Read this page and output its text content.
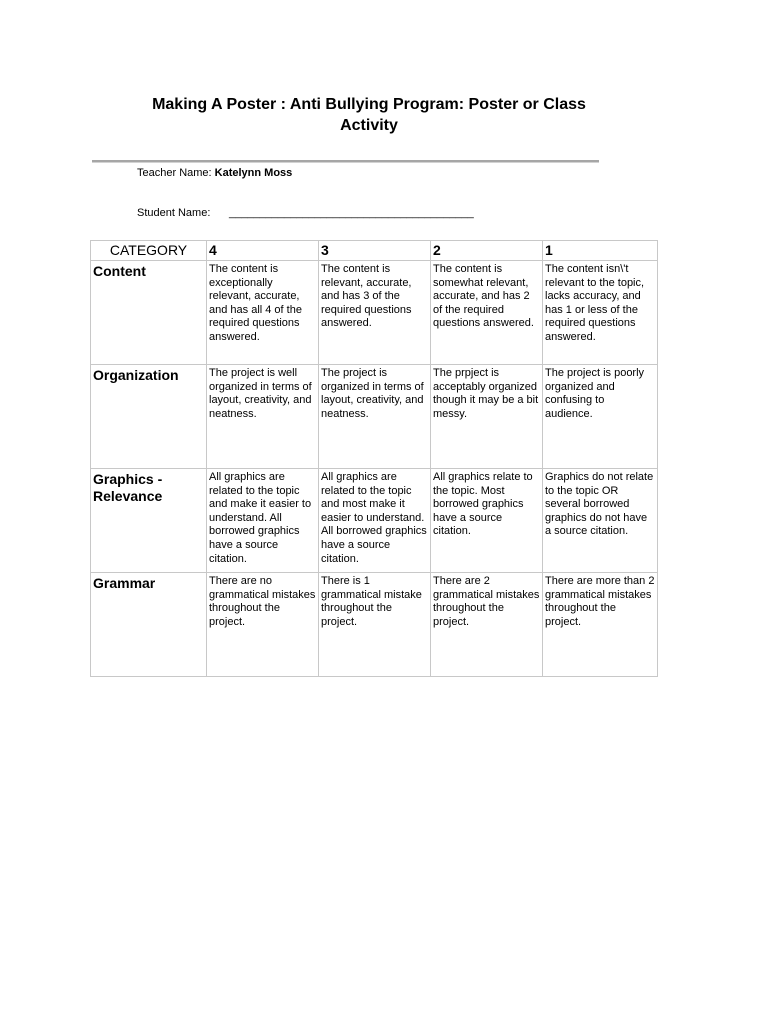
Making A Poster : Anti Bullying Program: Poster or Class Activity
Teacher Name: Katelynn Moss
Student Name: ________________________________________
CATEGORY	4	3	2	1
Content	The content is exceptionally relevant, accurate, and has all 4 of the required questions answered.	The content is relevant, accurate, and has 3 of the required questions answered.	The content is somewhat relevant, accurate, and has 2 of the required questions answered.	The content isn\'t relevant to the topic, lacks accuracy, and has 1 or less of the required questions answered.
Organization	The project is well organized in terms of layout, creativity, and neatness.	The project is organized in terms of layout, creativity, and neatness.	The prpject is acceptably organized though it may be a bit messy.	The project is poorly organized and confusing to audience.
Graphics - Relevance	All graphics are related to the topic and make it easier to understand. All borrowed graphics have a source citation.	All graphics are related to the topic and most make it easier to understand. All borrowed graphics have a source citation.	All graphics relate to the topic. Most borrowed graphics have a source citation.	Graphics do not relate to the topic OR several borrowed graphics do not have a source citation.
Grammar	There are no grammatical mistakes throughout the project.	There is 1 grammatical mistake throughout the project.	There are 2 grammatical mistakes throughout the project.	There are more than 2 grammatical mistakes throughout the project.
